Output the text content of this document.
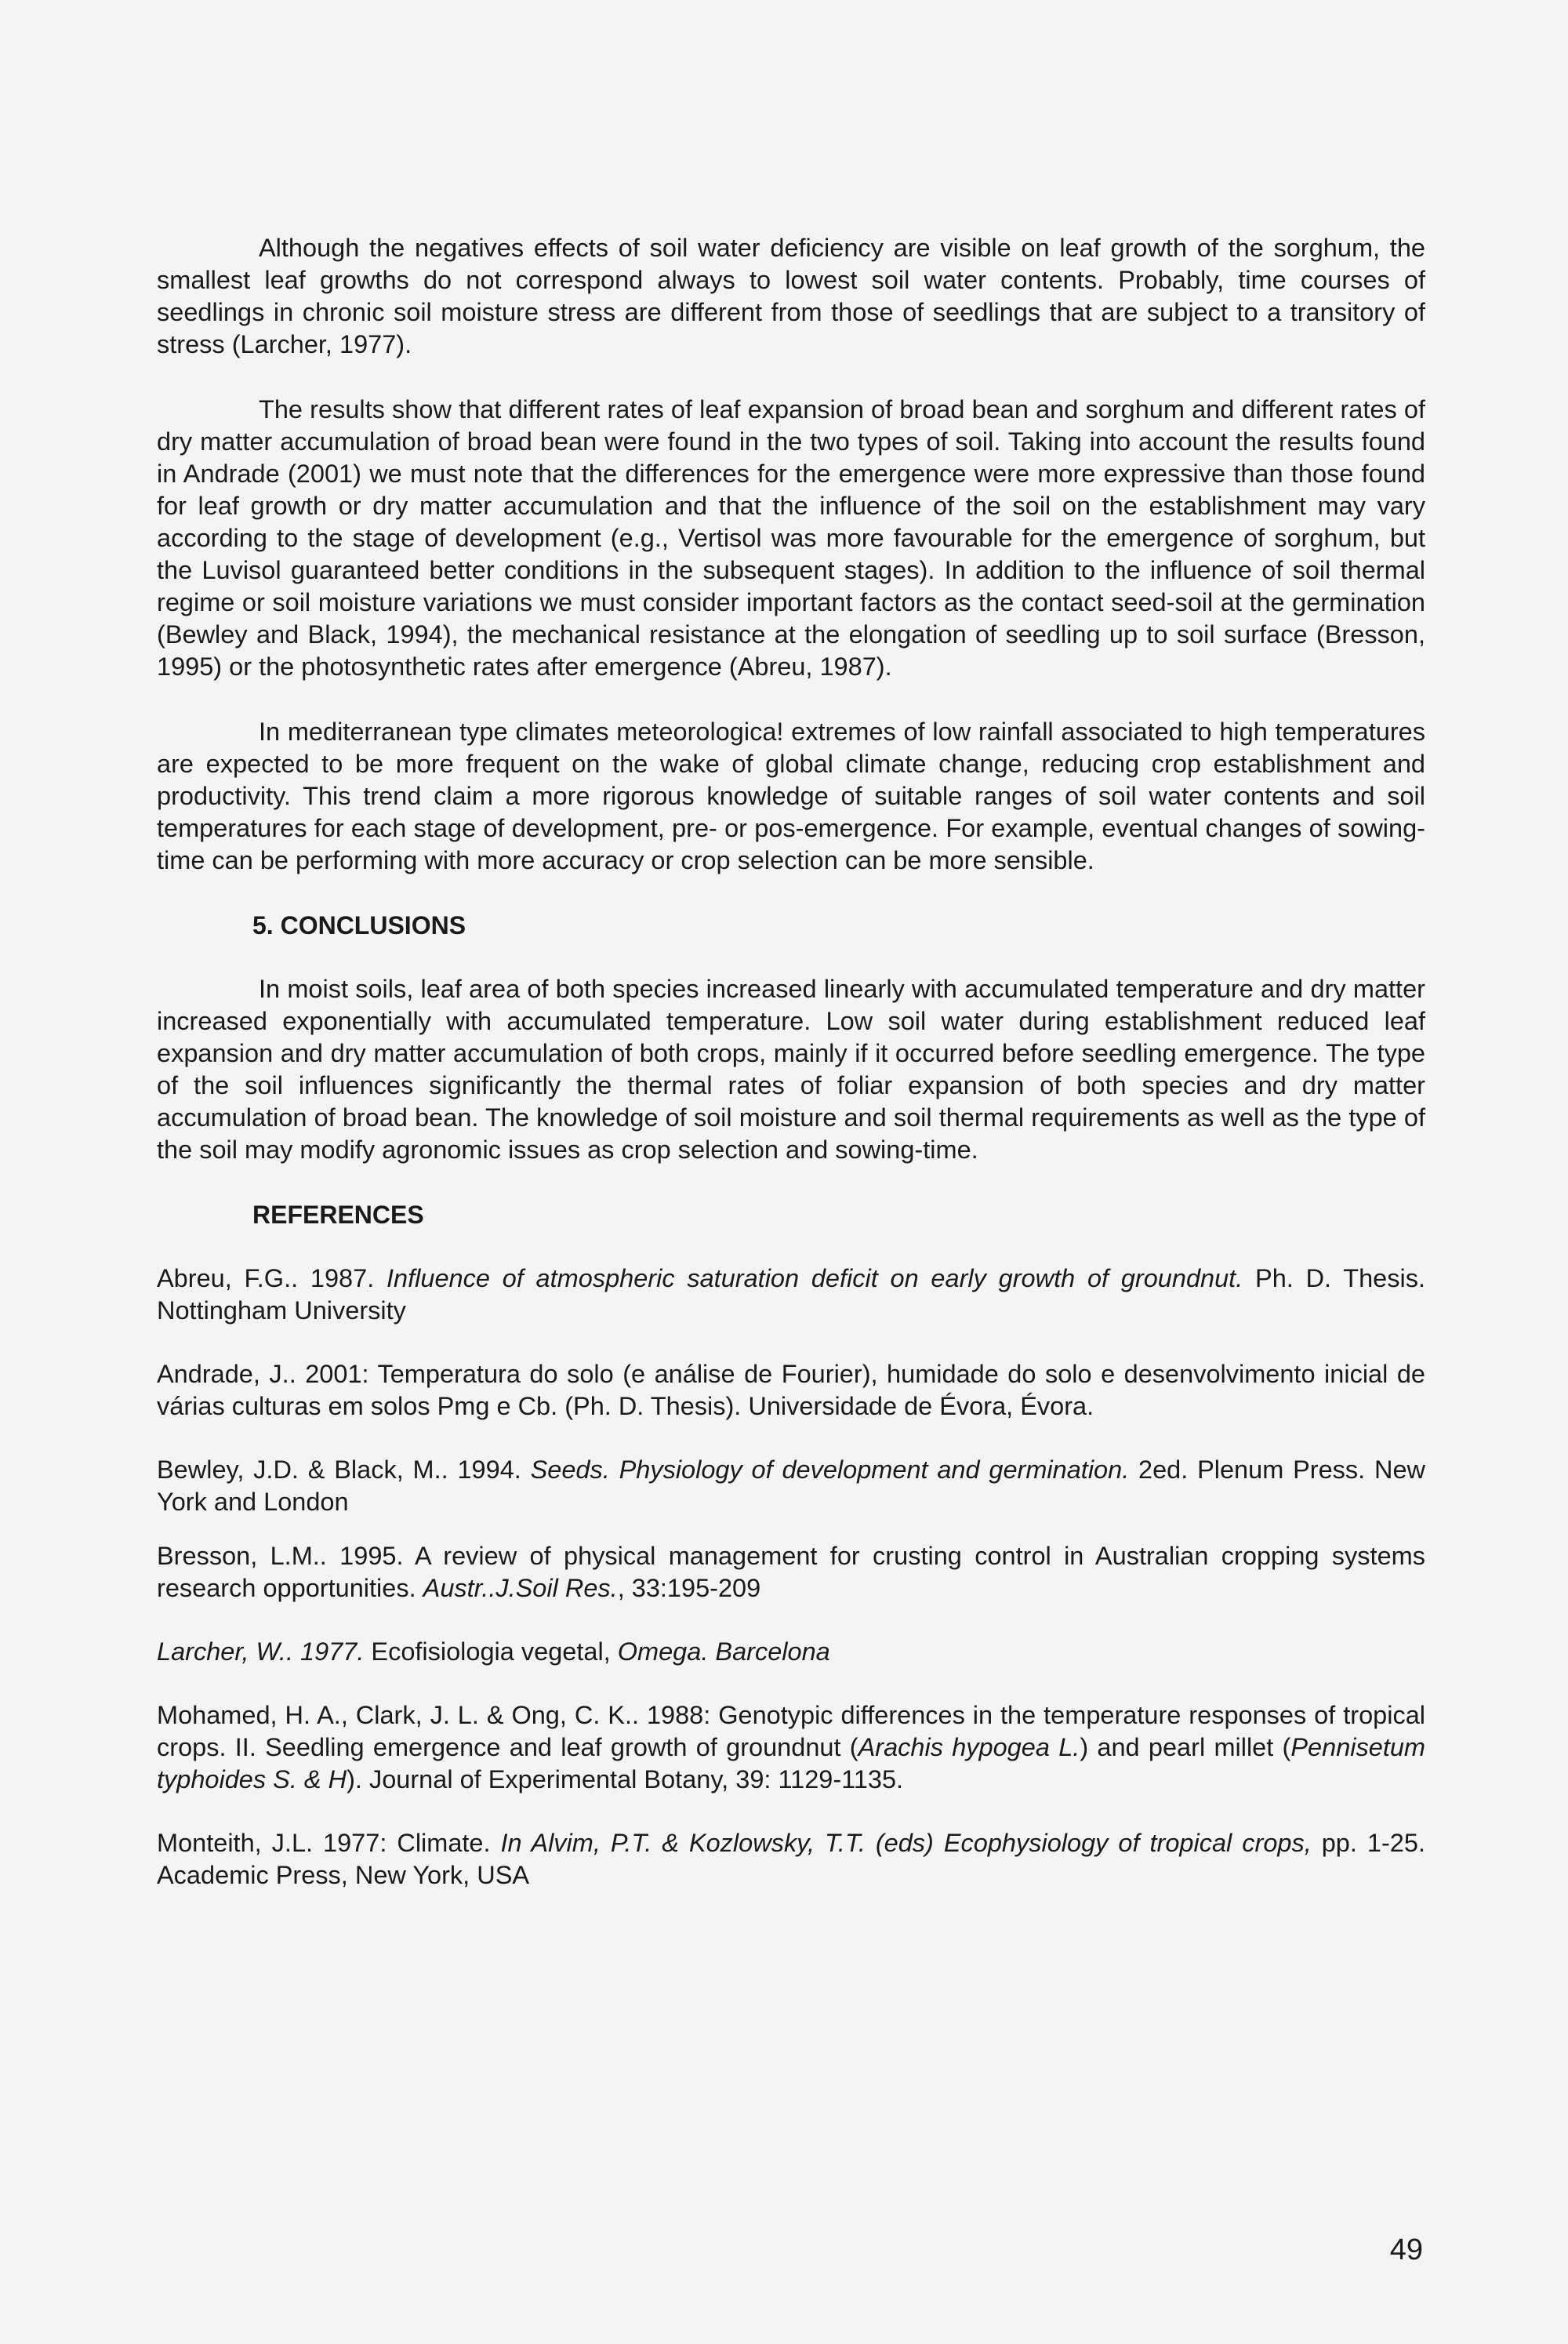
Although the negatives effects of soil water deficiency are visible on leaf growth of the sorghum, the smallest leaf growths do not correspond always to lowest soil water contents. Probably, time courses of seedlings in chronic soil moisture stress are different from those of seedlings that are subject to a transitory of stress (Larcher, 1977).

The results show that different rates of leaf expansion of broad bean and sorghum and different rates of dry matter accumulation of broad bean were found in the two types of soil. Taking into account the results found in Andrade (2001) we must note that the differences for the emergence were more expressive than those found for leaf growth or dry matter accumulation and that the influence of the soil on the establishment may vary according to the stage of development (e.g., Vertisol was more favourable for the emergence of sorghum, but the Luvisol guaranteed better conditions in the subsequent stages). In addition to the influence of soil thermal regime or soil moisture variations we must consider important factors as the contact seed-soil at the germination (Bewley and Black, 1994), the mechanical resistance at the elongation of seedling up to soil surface (Bresson, 1995) or the photosynthetic rates after emergence (Abreu, 1987).

In mediterranean type climates meteorologica! extremes of low rainfall associated to high temperatures are expected to be more frequent on the wake of global climate change, reducing crop establishment and productivity. This trend claim a more rigorous knowledge of suitable ranges of soil water contents and soil temperatures for each stage of development, pre- or pos-emergence. For example, eventual changes of sowing-time can be performing with more accuracy or crop selection can be more sensible.

5. CONCLUSIONS

In moist soils, leaf area of both species increased linearly with accumulated temperature and dry matter increased exponentially with accumulated temperature. Low soil water during establishment reduced leaf expansion and dry matter accumulation of both crops, mainly if it occurred before seedling emergence. The type of the soil influences significantly the thermal rates of foliar expansion of both species and dry matter accumulation of broad bean. The knowledge of soil moisture and soil thermal requirements as well as the type of the soil may modify agronomic issues as crop selection and sowing-time.

REFERENCES

Abreu, F.G.. 1987. Influence of atmospheric saturation deficit on early growth of groundnut. Ph. D. Thesis. Nottingham University

Andrade, J.. 2001: Temperatura do solo (e análise de Fourier), humidade do solo e desenvolvimento inicial de várias culturas em solos Pmg e Cb. (Ph. D. Thesis). Universidade de Évora, Évora.

Bewley, J.D. & Black, M.. 1994. Seeds. Physiology of development and germination. 2ed. Plenum Press. New York and London

Bresson, L.M.. 1995. A review of physical management for crusting control in Australian cropping systems research opportunities. Austr..J.Soil Res., 33:195-209

Larcher, W.. 1977. Ecofisiologia vegetal, Omega. Barcelona

Mohamed, H. A., Clark, J. L. & Ong, C. K.. 1988: Genotypic differences in the temperature responses of tropical crops. II. Seedling emergence and leaf growth of groundnut (Arachis hypogea L.) and pearl millet (Pennisetum typhoides S. & H). Journal of Experimental Botany, 39: 1129-1135.

Monteith, J.L. 1977: Climate. In Alvim, P.T. & Kozlowsky, T.T. (eds) Ecophysiology of tropical crops, pp. 1-25. Academic Press, New York, USA

49
